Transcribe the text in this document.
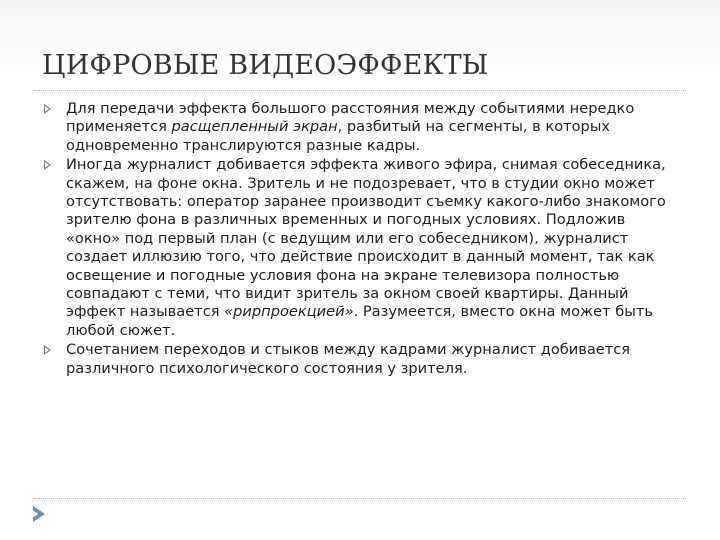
ЦИФРОВЫЕ ВИДЕОЭФФЕКТЫ
Для передачи эффекта большого расстояния между событиями нередко применяется расщепленный экран, разбитый на сегменты, в которых одновременно транслируются разные кадры.
Иногда журналист добивается эффекта живого эфира, снимая собеседника, скажем, на фоне окна. Зритель и не подозревает, что в студии окно может отсутствовать: оператор заранее производит съемку какого-либо знакомого зрителю фона в различных временных и погодных условиях. Подложив «окно» под первый план (с ведущим или его собеседником), журналист создает иллюзию того, что действие происходит в данный момент, так как освещение и погодные условия фона на экране телевизора полностью совпадают с теми, что видит зритель за окном своей квартиры. Данный эффект называется «рирпроекцией». Разумеется, вместо окна может быть любой сюжет.
Сочетанием переходов и стыков между кадрами журналист добивается различного психологического состояния у зрителя.
